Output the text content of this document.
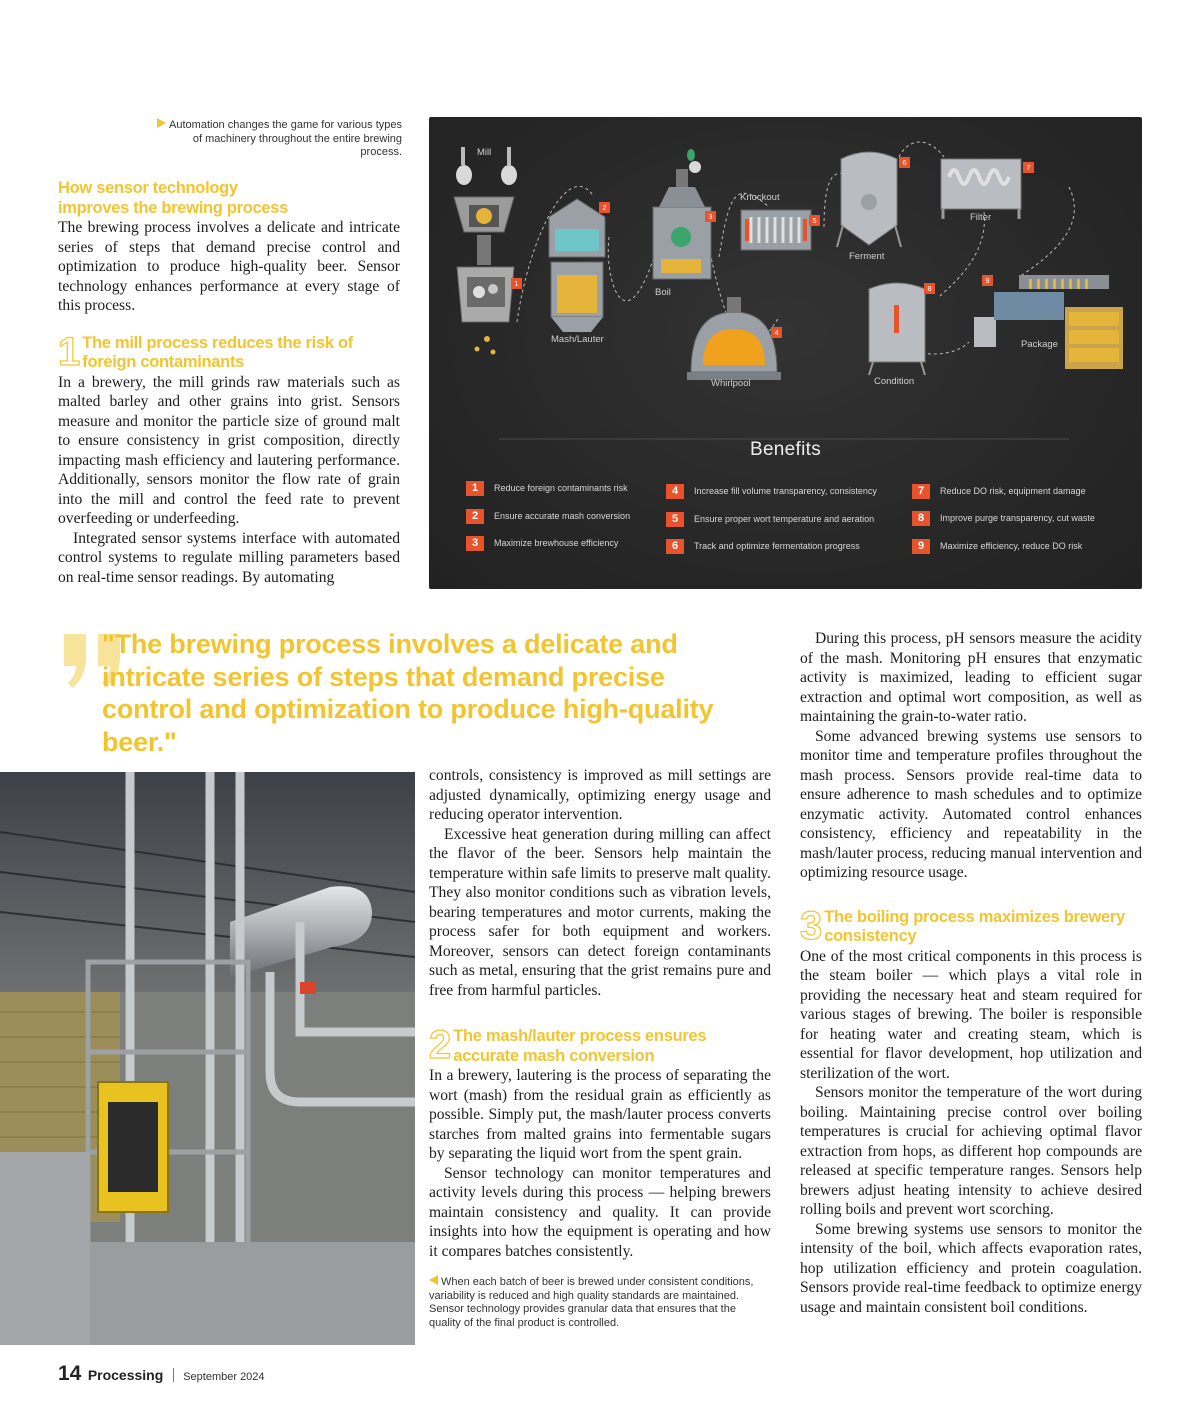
Automation changes the game for various types of machinery throughout the entire brewing process.
How sensor technology improves the brewing process

The brewing process involves a delicate and intricate series of steps that demand precise control and optimization to produce high-quality beer. Sensor technology enhances performance at every stage of this process.

1 The mill process reduces the risk of foreign contaminants

In a brewery, the mill grinds raw materials such as malted barley and other grains into grist. Sensors measure and monitor the particle size of ground malt to ensure consistency in grist composition, directly impacting mash efficiency and lautering performance. Additionally, sensors monitor the flow rate of grain into the mill and control the feed rate to prevent overfeeding or underfeeding.

Integrated sensor systems interface with automated control systems to regulate milling parameters based on real-time sensor readings. By automating

Mill
Mash/Lauter
Boil
Whirlpool
Knockout
Ferment
Filter
Condition
Package
1
2
3
4
5
6
7
8
9
Benefits
1 Reduce foreign contaminants risk
2 Ensure accurate mash conversion
3 Maximize brewhouse efficiency
4 Increase fill volume transparency, consistency
5 Ensure proper wort temperature and aeration
6 Track and optimize fermentation progress
7 Reduce DO risk, equipment damage
8 Improve purge transparency, cut waste
9 Maximize efficiency, reduce DO risk
"The brewing process involves a delicate and intricate series of steps that demand precise control and optimization to produce high-quality beer."

controls, consistency is improved as mill settings are adjusted dynamically, optimizing energy usage and reducing operator intervention.

Excessive heat generation during milling can affect the flavor of the beer. Sensors help maintain the temperature within safe limits to preserve malt quality. They also monitor conditions such as vibration levels, bearing temperatures and motor currents, making the process safer for both equipment and workers. Moreover, sensors can detect foreign contaminants such as metal, ensuring that the grist remains pure and free from harmful particles.

2 The mash/lauter process ensures accurate mash conversion

In a brewery, lautering is the process of separating the wort (mash) from the residual grain as efficiently as possible. Simply put, the mash/lauter process converts starches from malted grains into fermentable sugars by separating the liquid wort from the spent grain.

Sensor technology can monitor temperatures and activity levels during this process — helping brewers maintain consistency and quality. It can provide insights into how the equipment is operating and how it compares batches consistently.

When each batch of beer is brewed under consistent conditions, variability is reduced and high quality standards are maintained. Sensor technology provides granular data that ensures that the quality of the final product is controlled.

During this process, pH sensors measure the acidity of the mash. Monitoring pH ensures that enzymatic activity is maximized, leading to efficient sugar extraction and optimal wort composition, as well as maintaining the grain-to-water ratio.

Some advanced brewing systems use sensors to monitor time and temperature profiles throughout the mash process. Sensors provide real-time data to ensure adherence to mash schedules and to optimize enzymatic activity. Automated control enhances consistency, efficiency and repeatability in the mash/lauter process, reducing manual intervention and optimizing resource usage.

3 The boiling process maximizes brewery consistency

One of the most critical components in this process is the steam boiler — which plays a vital role in providing the necessary heat and steam required for various stages of brewing. The boiler is responsible for heating water and creating steam, which is essential for flavor development, hop utilization and sterilization of the wort.

Sensors monitor the temperature of the wort during boiling. Maintaining precise control over boiling temperatures is crucial for achieving optimal flavor extraction from hops, as different hop compounds are released at specific temperature ranges. Sensors help brewers adjust heating intensity to achieve desired rolling boils and prevent wort scorching.

Some brewing systems use sensors to monitor the intensity of the boil, which affects evaporation rates, hop utilization efficiency and protein coagulation. Sensors provide real-time feedback to optimize energy usage and maintain consistent boil conditions.

14 Processing September 2024
